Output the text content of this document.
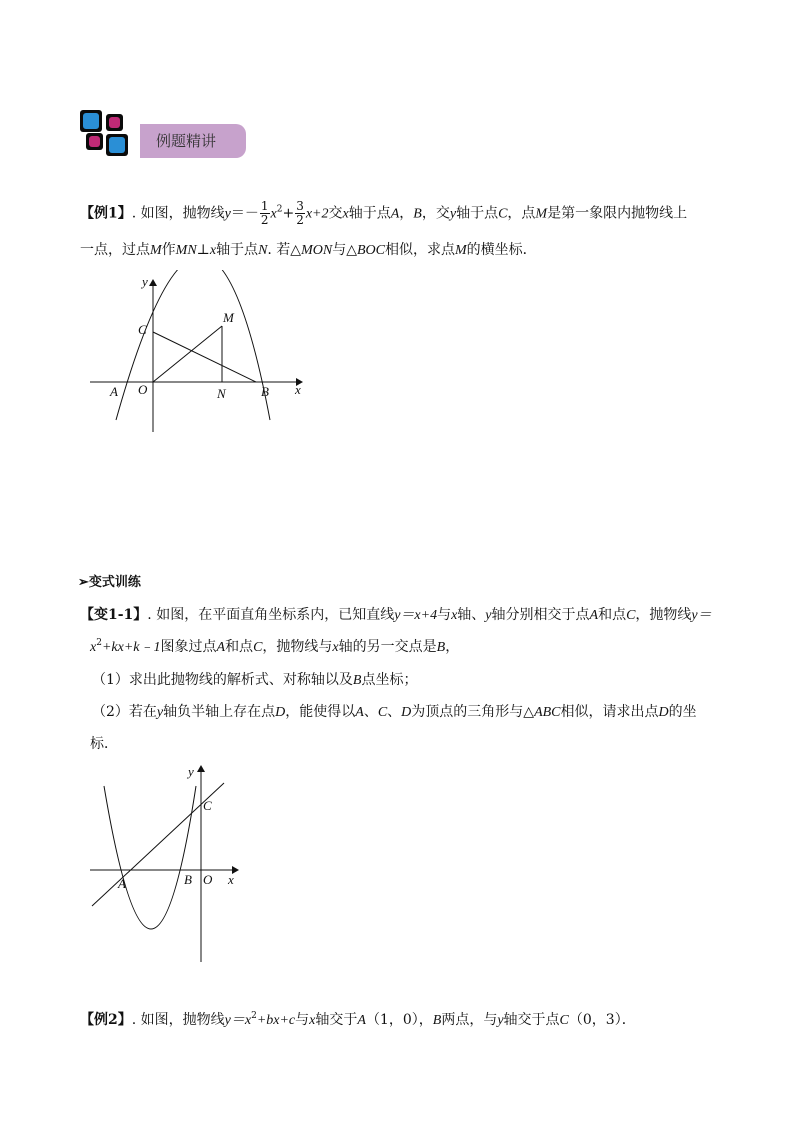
例题精讲
【例1】. 如图，抛物线$y=- \frac{1}{2} x^2+ \frac{3}{2} x+2$交x轴于点A，B，交y轴于点C，点M是第一象限内抛物线上
一点，过点M作MN⊥x轴于点N. 若△MON与△BOC相似，求点M的横坐标．
y
C
M
A O	N	B x
➢变式训练
【变1-1】. 如图，在平面直角坐标系内，已知直线y＝x+4与x轴、y轴分别相交于点A和点C，抛物线y＝
$x^2+kx+k﹣1$图象过点A和点C，抛物线与x轴的另一交点是B，
（1）求出此抛物线的解析式、对称轴以及B点坐标；
（2）若在y轴负半轴上存在点D，能使得以A、C、D为顶点的三角形与△ABC相似，请求出点D的坐
标．
y
C
A	B O x
【例2】. 如图，抛物线$y=x^2+bx+c$与x轴交于A（1，0），B两点，与y轴交于点C（0，3）．
